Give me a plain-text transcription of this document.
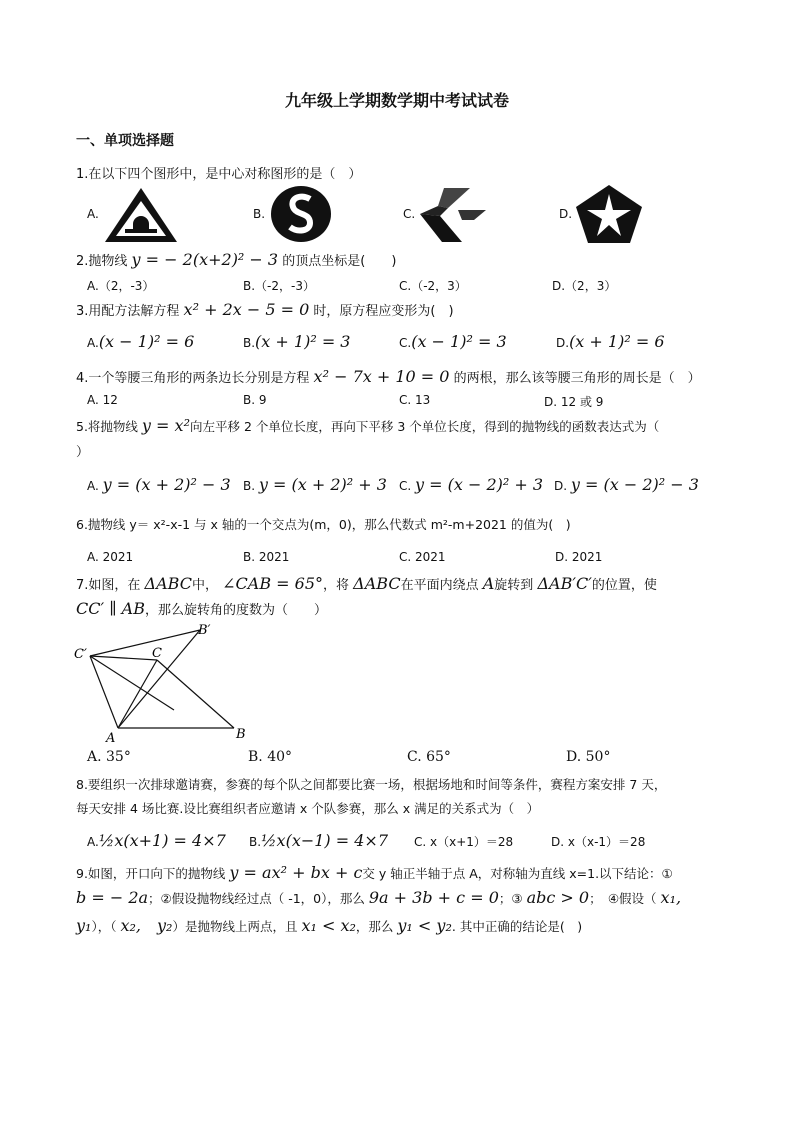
九年级上学期数学期中考试试卷
一、单项选择题
1.在以下四个图形中，是中心对称图形的是（　）
A.	B.	C.	D.
2.抛物线 y = − 2(x+2)² − 3 的顶点坐标是(　　)
A.（2，-3）	B.（-2，-3）	C.（-2，3）	D.（2，3）
3.用配方法解方程 x² + 2x − 5 = 0 时，原方程应变形为(　)
A.(x − 1)² = 6	B.(x + 1)² = 3	C.(x − 1)² = 3	D.(x + 1)² = 6
4.一个等腰三角形的两条边长分别是方程 x² − 7x + 10 = 0 的两根，那么该等腰三角形的周长是（　）
A. 12	B. 9	C. 13	D. 12 或 9
5.将抛物线 y = x²向左平移 2 个单位长度，再向下平移 3 个单位长度，得到的抛物线的函数表达式为（
）
A. y = (x + 2)² − 3 B. y = (x + 2)² + 3 C. y = (x − 2)² + 3 D. y = (x − 2)² − 3
6.抛物线 y＝ x²-x-1 与 x 轴的一个交点为(m，0)，那么代数式 m²-m+2021 的值为(　)
A. 2021	B. 2021	C. 2021	D. 2021
7.如图，在 ΔABC中， ∠CAB = 65°，将 ΔABC在平面内绕点 A旋转到 ΔAB′C′的位置，使
CC′ ∥ AB，那么旋转角的度数为（　　）
C′	C
B′
A	B
A. 35°	B. 40°	C. 65°	D. 50°
8.要组织一次排球邀请赛，参赛的每个队之间都要比赛一场，根据场地和时间等条件，赛程方案安排 7 天，
每天安排 4 场比赛.设比赛组织者应邀请 x 个队参赛，那么 x 满足的关系式为（　）
A.½x(x+1) = 4×7 B.½x(x−1) = 4×7 C. x（x+1）＝28	D. x（x-1）＝28
9.如图，开口向下的抛物线 y = ax² + bx + c交 y 轴正半轴于点 A，对称轴为直线 x=1.以下结论：①
b = − 2a；②假设抛物线经过点（ -1，0），那么 9a + 3b + c = 0；③ abc > 0；　④假设（ x₁,
y₁），（ x₂,　y₂）是抛物线上两点，且 x₁ < x₂，那么 y₁ < y₂. 其中正确的结论是(　)
